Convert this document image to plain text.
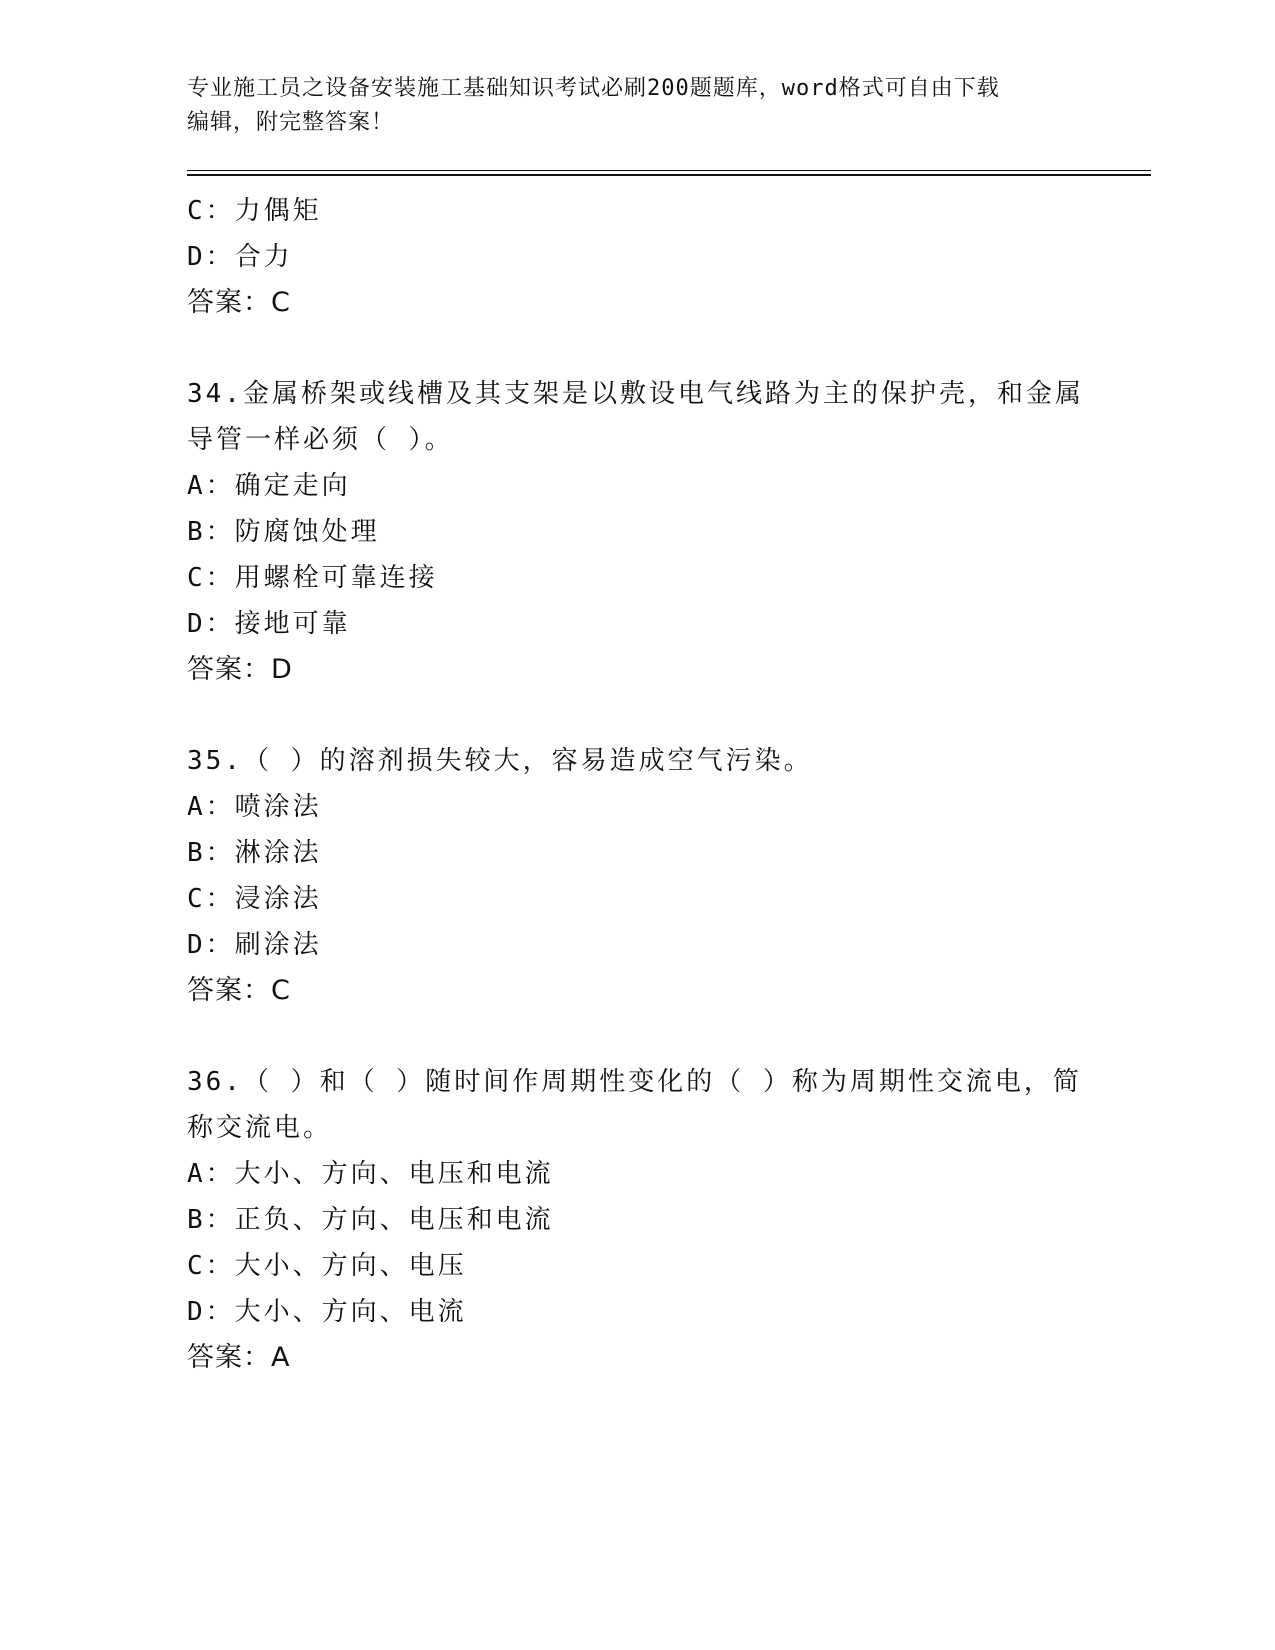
专业施工员之设备安装施工基础知识考试必刷200题题库，word格式可自由下载
编辑，附完整答案！
C：力偶矩
D：合力
答案：C
34.金属桥架或线槽及其支架是以敷设电气线路为主的保护壳，和金属
导管一样必须（ ）。
A：确定走向
B：防腐蚀处理
C：用螺栓可靠连接
D：接地可靠
答案：D
35.（ ）的溶剂损失较大，容易造成空气污染。
A：喷涂法
B：淋涂法
C：浸涂法
D：刷涂法
答案：C
36.（ ）和（ ）随时间作周期性变化的（ ）称为周期性交流电，简
称交流电。
A：大小、方向、电压和电流
B：正负、方向、电压和电流
C：大小、方向、电压
D：大小、方向、电流
答案：A
